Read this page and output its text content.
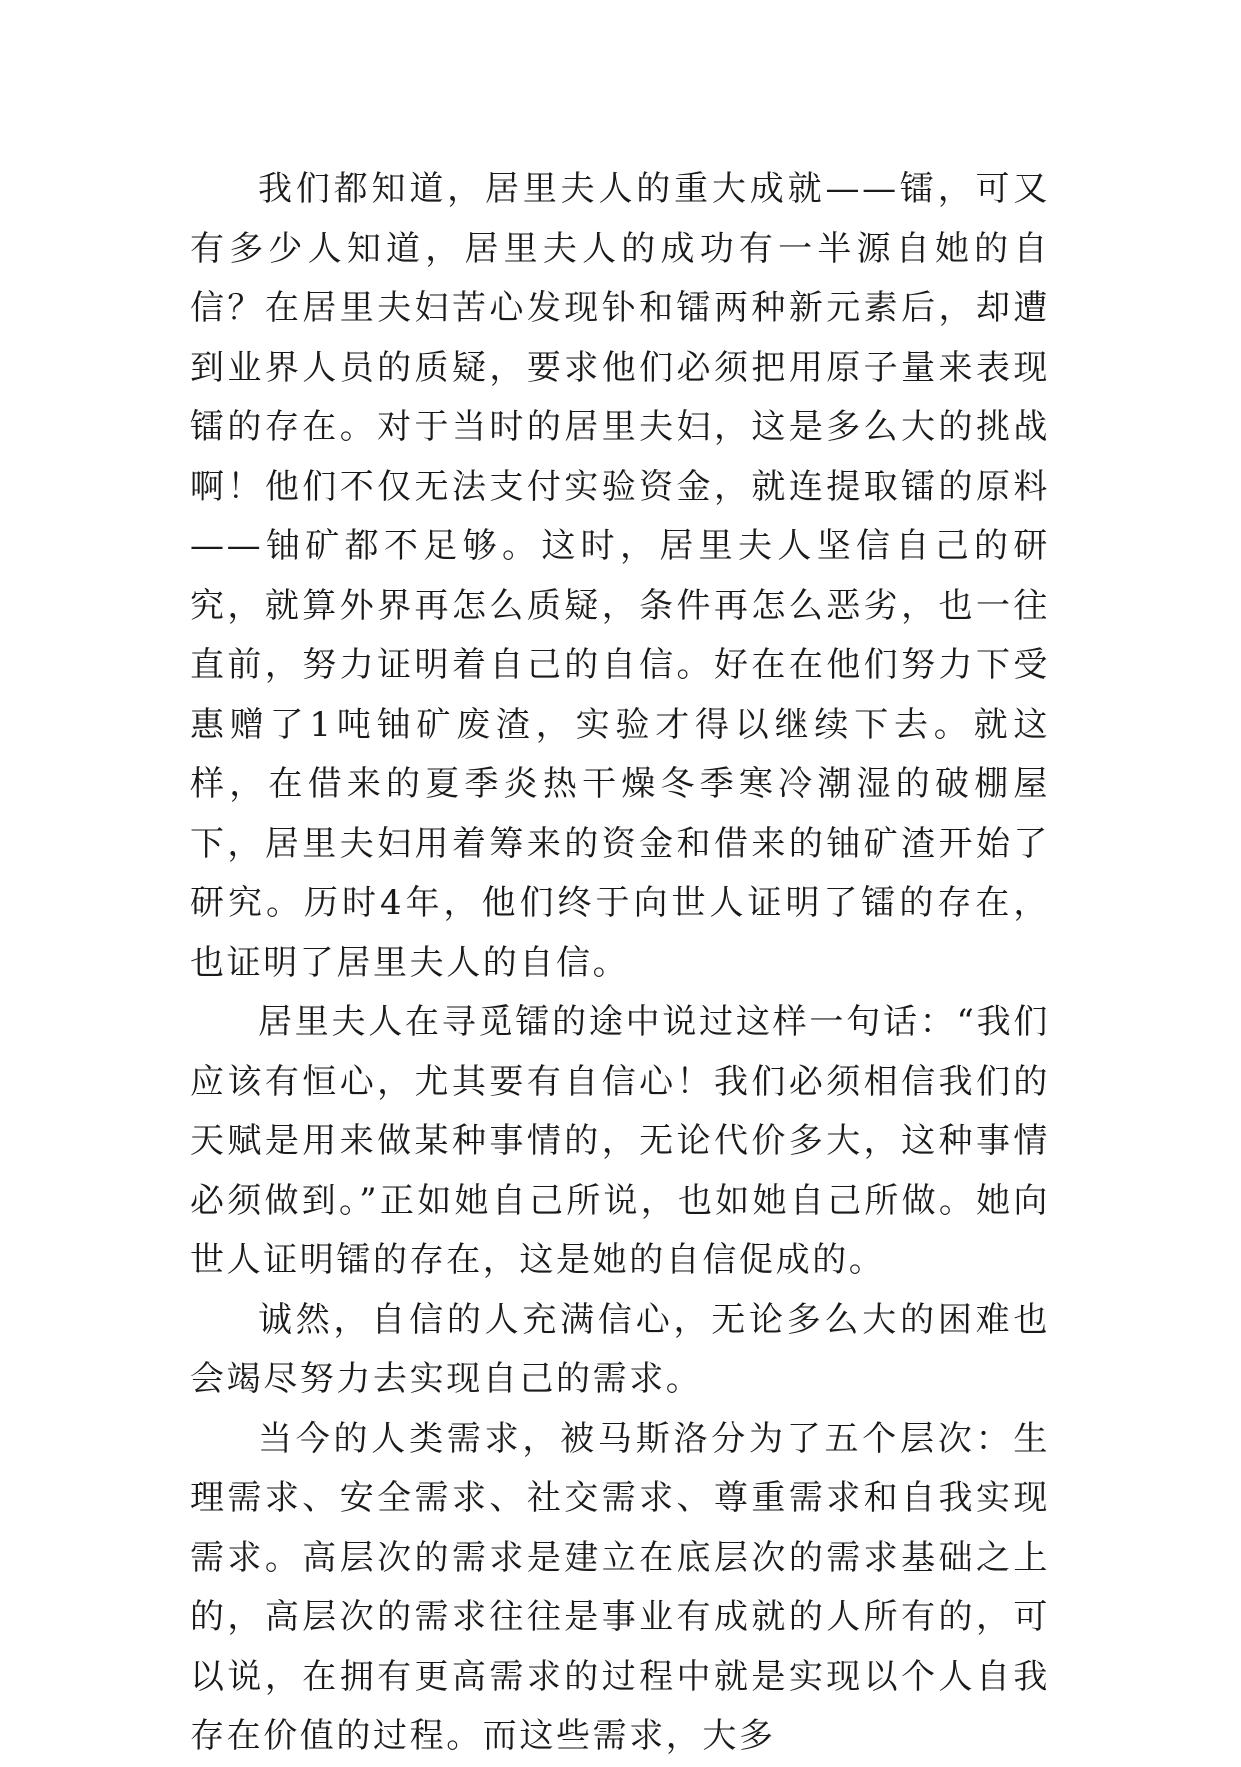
我们都知道，居里夫人的重大成就——镭，可又有多少人知道，居里夫人的成功有一半源自她的自信？在居里夫妇苦心发现钋和镭两种新元素后，却遭到业界人员的质疑，要求他们必须把用原子量来表现镭的存在。对于当时的居里夫妇，这是多么大的挑战啊！他们不仅无法支付实验资金，就连提取镭的原料——铀矿都不足够。这时，居里夫人坚信自己的研究，就算外界再怎么质疑，条件再怎么恶劣，也一往直前，努力证明着自己的自信。好在在他们努力下受惠赠了1吨铀矿废渣，实验才得以继续下去。就这样，在借来的夏季炎热干燥冬季寒冷潮湿的破棚屋下，居里夫妇用着筹来的资金和借来的铀矿渣开始了研究。历时4年，他们终于向世人证明了镭的存在，也证明了居里夫人的自信。

居里夫人在寻觅镭的途中说过这样一句话：“我们应该有恒心，尤其要有自信心！我们必须相信我们的天赋是用来做某种事情的，无论代价多大，这种事情必须做到。”正如她自己所说，也如她自己所做。她向世人证明镭的存在，这是她的自信促成的。

诚然，自信的人充满信心，无论多么大的困难也会竭尽努力去实现自己的需求。

当今的人类需求，被马斯洛分为了五个层次：生理需求、安全需求、社交需求、尊重需求和自我实现需求。高层次的需求是建立在底层次的需求基础之上的，高层次的需求往往是事业有成就的人所有的，可以说，在拥有更高需求的过程中就是实现以个人自我存在价值的过程。而这些需求，大多
